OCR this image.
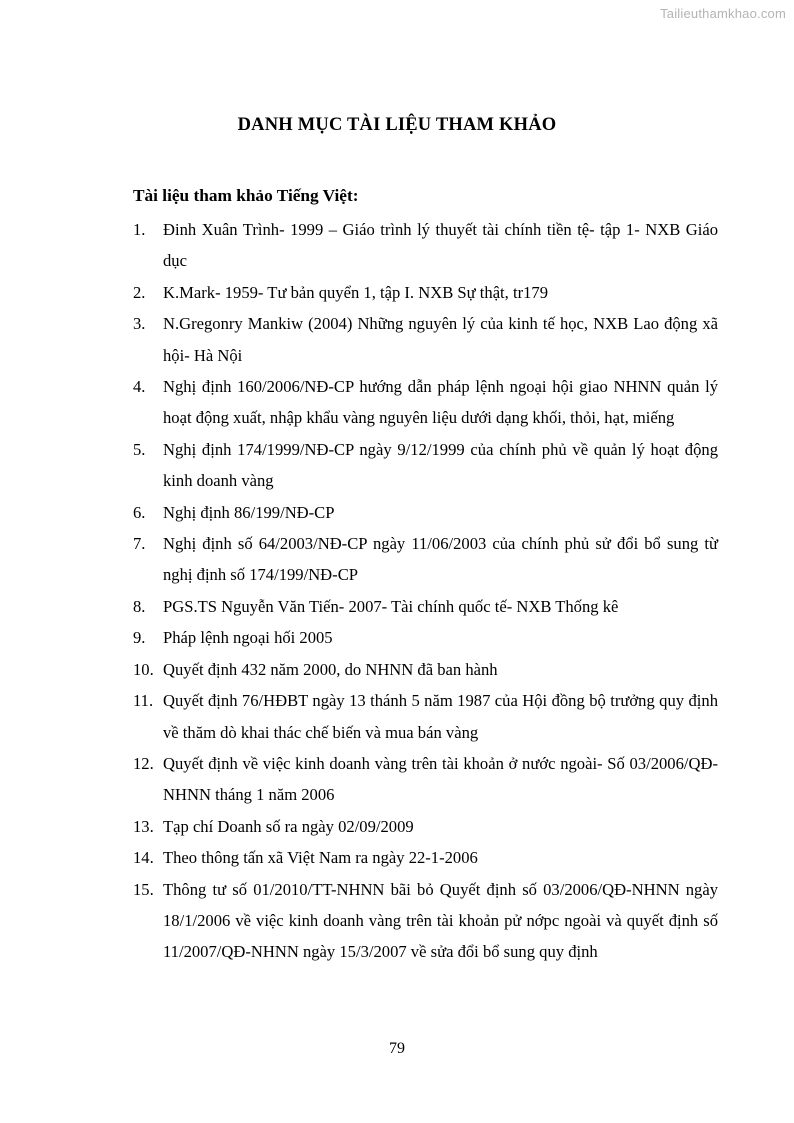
Tailieuthamkhao.com
DANH MỤC TÀI LIỆU THAM KHẢO
Tài liệu tham khảo Tiếng Việt:
1.	Đinh Xuân Trình- 1999 – Giáo trình lý thuyết tài chính tiền tệ- tập 1- NXB Giáo dục
2.	K.Mark- 1959- Tư bản quyển 1, tập I. NXB Sự thật, tr179
3.	N.Gregonry Mankiw (2004) Những nguyên lý của kinh tế học, NXB Lao động xã hội- Hà Nội
4.	Nghị định 160/2006/NĐ-CP hướng dẫn pháp lệnh ngoại hội giao NHNN quản lý hoạt động xuất, nhập khẩu vàng nguyên liệu dưới dạng khối, thỏi, hạt, miếng
5.	Nghị định 174/1999/NĐ-CP ngày 9/12/1999 của chính phủ về quản lý hoạt động kinh doanh vàng
6.	Nghị định 86/199/NĐ-CP
7.	Nghị định số 64/2003/NĐ-CP ngày 11/06/2003 của chính phủ sử đổi bổ sung từ nghị định số 174/199/NĐ-CP
8.	PGS.TS Nguyễn Văn Tiến- 2007- Tài chính quốc tế- NXB Thống kê
9.	Pháp lệnh ngoại hối 2005
10. Quyết định 432 năm 2000, do NHNN đã ban hành
11. Quyết định 76/HĐBT ngày 13 thánh 5 năm 1987 của Hội đồng bộ trưởng quy định về thăm dò khai thác chế biến và mua bán vàng
12. Quyết định về việc kinh doanh vàng trên tài khoản ở nước ngoài- Số 03/2006/QĐ-NHNN tháng 1 năm 2006
13. Tạp chí Doanh số ra ngày 02/09/2009
14. Theo thông tấn xã Việt Nam ra ngày 22-1-2006
15. Thông tư số 01/2010/TT-NHNN bãi bỏ Quyết định số 03/2006/QĐ-NHNN ngày 18/1/2006 về việc kinh doanh vàng trên tài khoản pử nớpc ngoài và quyết định số 11/2007/QĐ-NHNN ngày 15/3/2007 về sửa đổi bổ sung quy định
79
